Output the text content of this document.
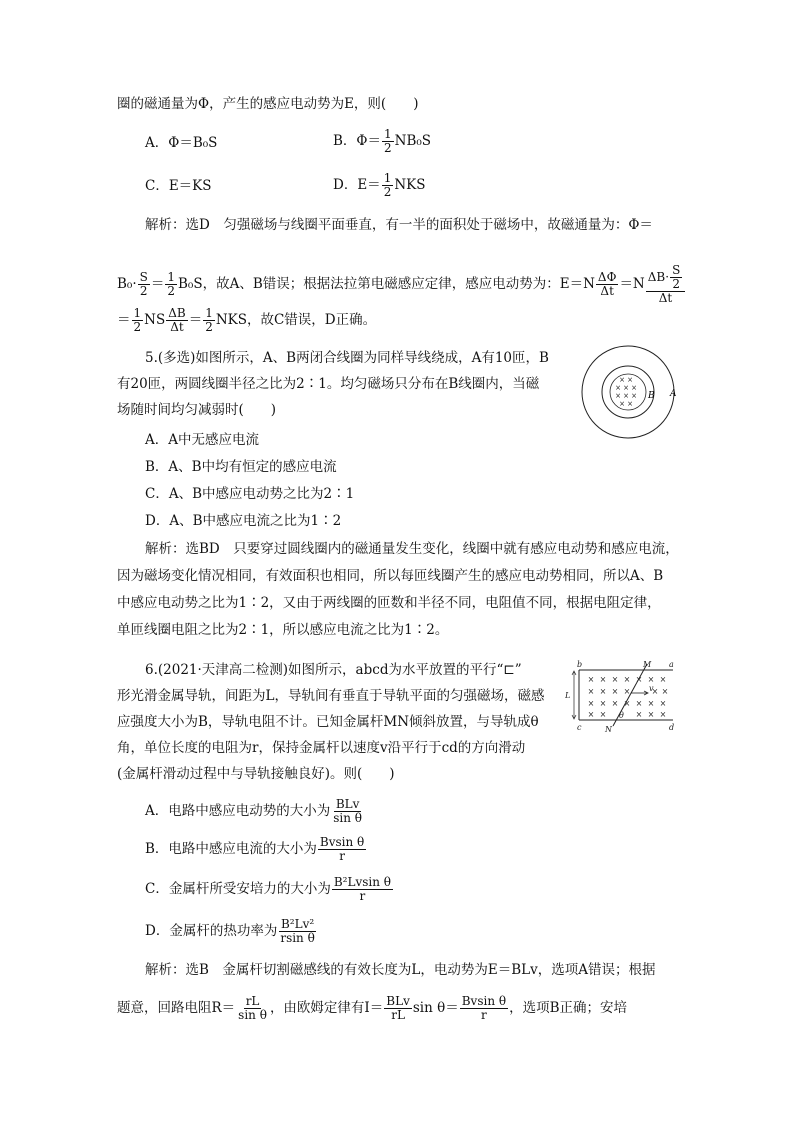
圈的磁通量为Φ，产生的感应电动势为E，则(　　)
A．Φ＝B₀S	B．$\Phi= \frac{1}{2} NB_0S$
C．E＝KS	D．$E= \frac{1}{2}$ NKS
解析：选D　匀强磁场与线圈平面垂直，有一半的面积处于磁场中，故磁通量为：Φ＝
$B_0\cdot \frac{S}{2} = \frac{1}{2} B_0S$，故A、B错误；根据法拉第电磁感应定律，感应电动势为：$E=N \frac{\Delta\Phi}{\Delta t} =N \frac{\Delta B\cdot \frac{S}{2}}{\Delta t}$
＝ $\frac{1}{2}$ NS $\frac{\Delta B}{\Delta t} = \frac{1}{2}$ NKS，故C错误，D正确。
5.(多选)如图所示，A、B两闭合线圈为同样导线绕成，A有10匝，B
有20匝，两圆线圈半径之比为2∶1。均匀磁场只分布在B线圈内，当磁
场随时间均匀减弱时(　　)
A．A中无感应电流
B．A、B中均有恒定的感应电流
C．A、B中感应电动势之比为2∶1
D．A、B中感应电流之比为1∶2
× ×
× × ×
× × ×
× ×
B A
解析：选BD　只要穿过圆线圈内的磁通量发生变化，线圈中就有感应电动势和感应电流，
因为磁场变化情况相同，有效面积也相同，所以每匝线圈产生的感应电动势相同，所以A、B
中感应电动势之比为1∶2，又由于两线圈的匝数和半径不同，电阻值不同，根据电阻定律，
单匝线圈电阻之比为2∶1，所以感应电流之比为1∶2。
6.(2021·天津高二检测)如图所示，abcd为水平放置的平行“⊏”
形光滑金属导轨，间距为L，导轨间有垂直于导轨平面的匀强磁场，磁感
应强度大小为B，导轨电阻不计。已知金属杆MN倾斜放置，与导轨成θ
角，单位长度的电阻为r，保持金属杆以速度v沿平行于cd的方向滑动
(金属杆滑动过程中与导轨接触良好)。则(　　)
× × × × × × ×
× × × ×	× ×
× × × × × × ×
× ×	× × ×
b	M a
L
c	N	d
v
θ
A．电路中感应电动势的大小为 $\frac{\text{BLv}}{\text{sin θ}}$
B．电路中感应电流的大小为 $\frac{\text{Bvsin θ}}{r}$
C．金属杆所受安培力的大小为 $\frac{\text{B²Lvsin θ}}{r}$
D．金属杆的热功率为 $\frac{\text{B²Lv²}}{\text{rsin θ}}$
解析：选B　金属杆切割磁感线的有效长度为L，电动势为E＝BLv，选项A错误；根据
题意，回路电阻$R= \frac{rL}{\text{sin θ}}$ ，由欧姆定律有$I= \frac{\text{BLv}}{rL}$ $\sin \theta= \frac{\text{Bvsin θ}}{r}$ ，选项B正确；安培
